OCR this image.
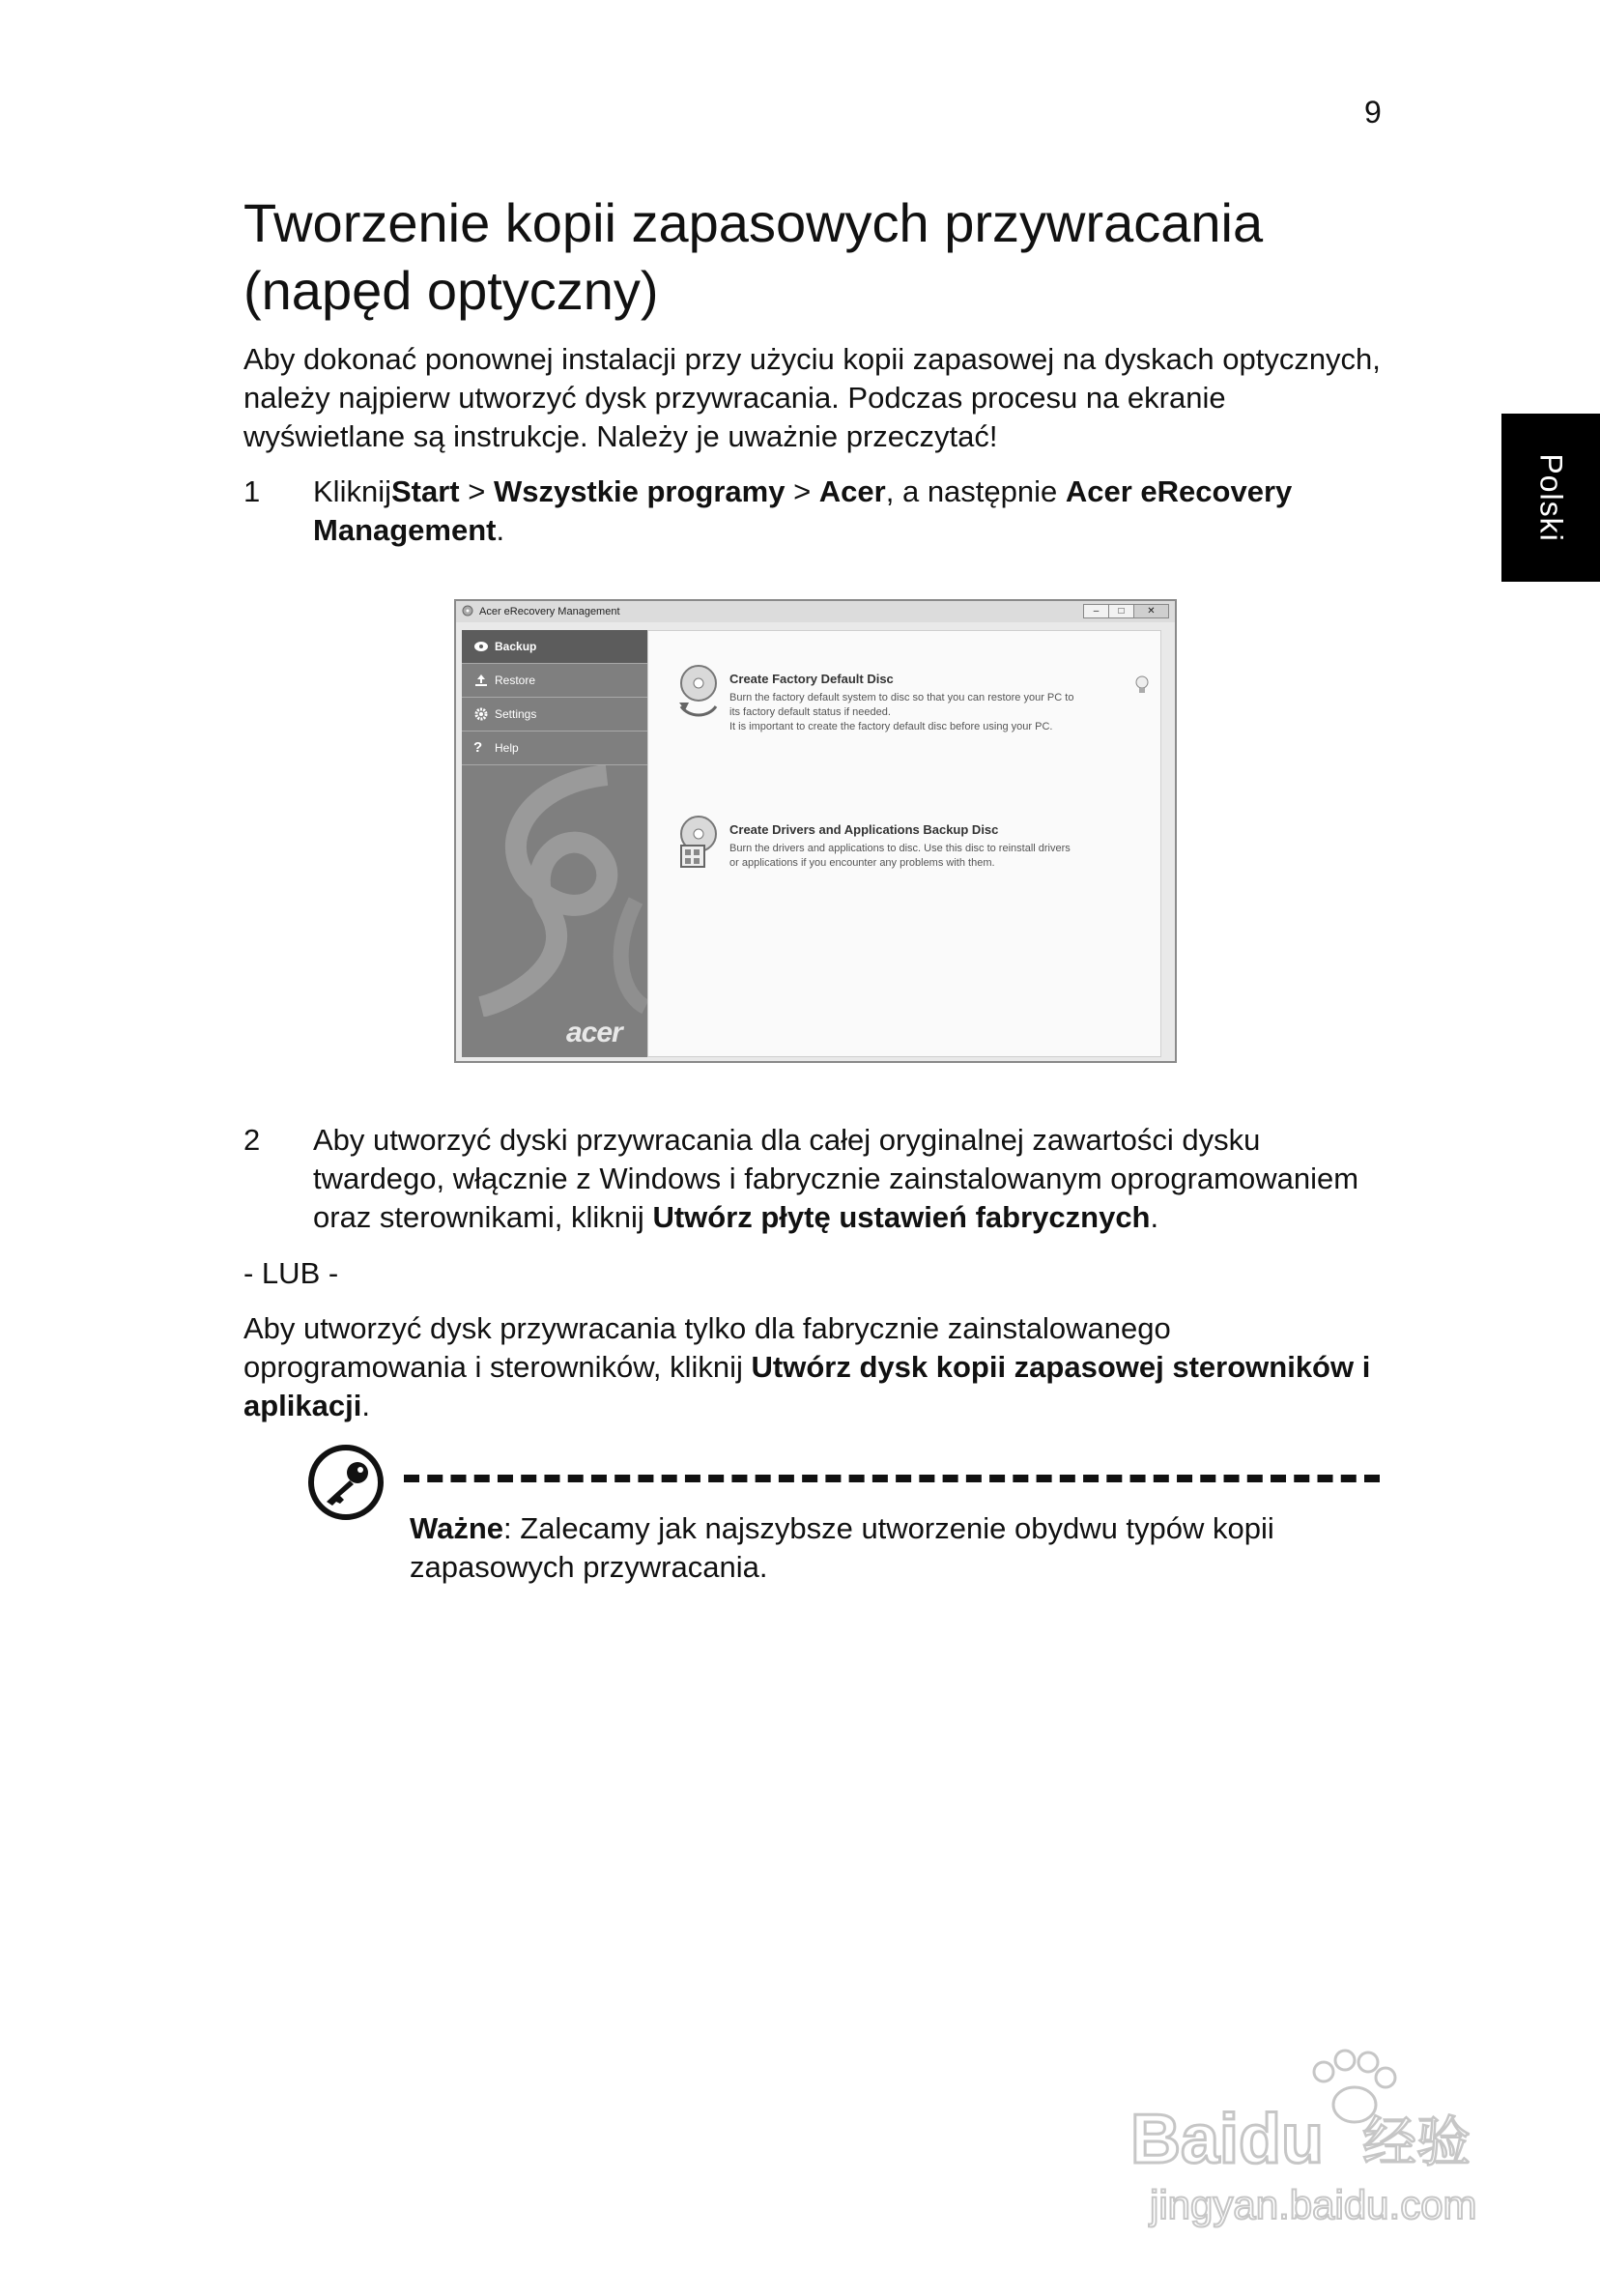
9
Polski
Tworzenie kopii zapasowych przywracania
(napęd optyczny)

Aby dokonać ponownej instalacji przy użyciu kopii zapasowej na dyskach optycznych, należy najpierw utworzyć dysk przywracania. Podczas procesu na ekranie wyświetlane są instrukcje. Należy je uważnie przeczytać!

1 KliknijStart > Wszystkie programy > Acer, a następnie Acer eRecovery Management.
Acer eRecovery Management	–	□	✕
Backup
Restore
Settings
?	Help
acer
Create Factory Default Disc
Burn the factory default system to disc so that you can restore your PC to its factory default status if needed.
It is important to create the factory default disc before using your PC.
Create Drivers and Applications Backup Disc
Burn the drivers and applications to disc. Use this disc to reinstall drivers or applications if you encounter any problems with them.
2 Aby utworzyć dyski przywracania dla całej oryginalnej zawartości dysku twardego, włącznie z Windows i fabrycznie zainstalowanym oprogramowaniem oraz sterownikami, kliknij Utwórz płytę ustawień fabrycznych.

- LUB -

Aby utworzyć dysk przywracania tylko dla fabrycznie zainstalowanego oprogramowania i sterowników, kliknij Utwórz dysk kopii zapasowej sterowników i aplikacji.

Ważne: Zalecamy jak najszybsze utworzenie obydwu typów kopii zapasowych przywracania.
Baidu 经验
jingyan.baidu.com
